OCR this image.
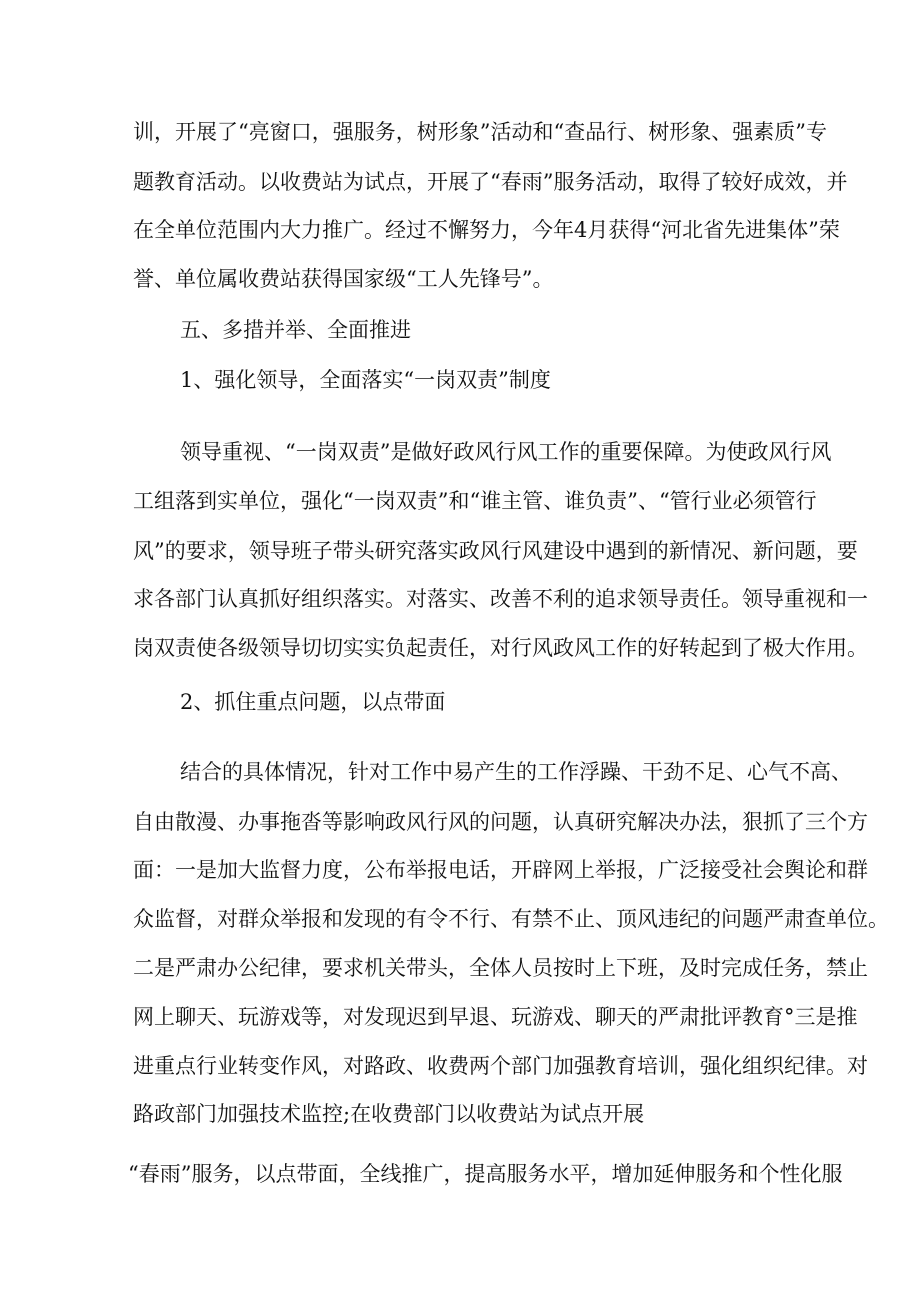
训，开展了“亮窗口，强服务，树形象”活动和“查品行、树形象、强素质”专
题教育活动。以收费站为试点，开展了“春雨”服务活动，取得了较好成效，并
在全单位范围内大力推广。经过不懈努力，今年4月获得“河北省先进集体”荣
誉、单位属收费站获得国家级“工人先锋号”。
五、多措并举、全面推进
1、强化领导，全面落实“一岗双责”制度
领导重视、“一岗双责”是做好政风行风工作的重要保障。为使政风行风
工组落到实单位，强化“一岗双责”和“谁主管、谁负责”、“管行业必须管行
风”的要求，领导班子带头研究落实政风行风建设中遇到的新情况、新问题，要
求各部门认真抓好组织落实。对落实、改善不利的追求领导责任。领导重视和一
岗双责使各级领导切切实实负起责任，对行风政风工作的好转起到了极大作用。
2、抓住重点问题，以点带面
结合的具体情况，针对工作中易产生的工作浮躁、干劲不足、心气不高、
自由散漫、办事拖沓等影响政风行风的问题，认真研究解决办法，狠抓了三个方
面：一是加大监督力度，公布举报电话，开辟网上举报，广泛接受社会舆论和群
众监督，对群众举报和发现的有令不行、有禁不止、顶风违纪的问题严肃查单位。
二是严肃办公纪律，要求机关带头，全体人员按时上下班，及时完成任务，禁止
网上聊天、玩游戏等，对发现迟到早退、玩游戏、聊天的严肃批评教育°三是推
进重点行业转变作风，对路政、收费两个部门加强教育培训，强化组织纪律。对
路政部门加强技术监控;在收费部门以收费站为试点开展
“春雨”服务，以点带面，全线推广，提高服务水平，增加延伸服务和个性化服
